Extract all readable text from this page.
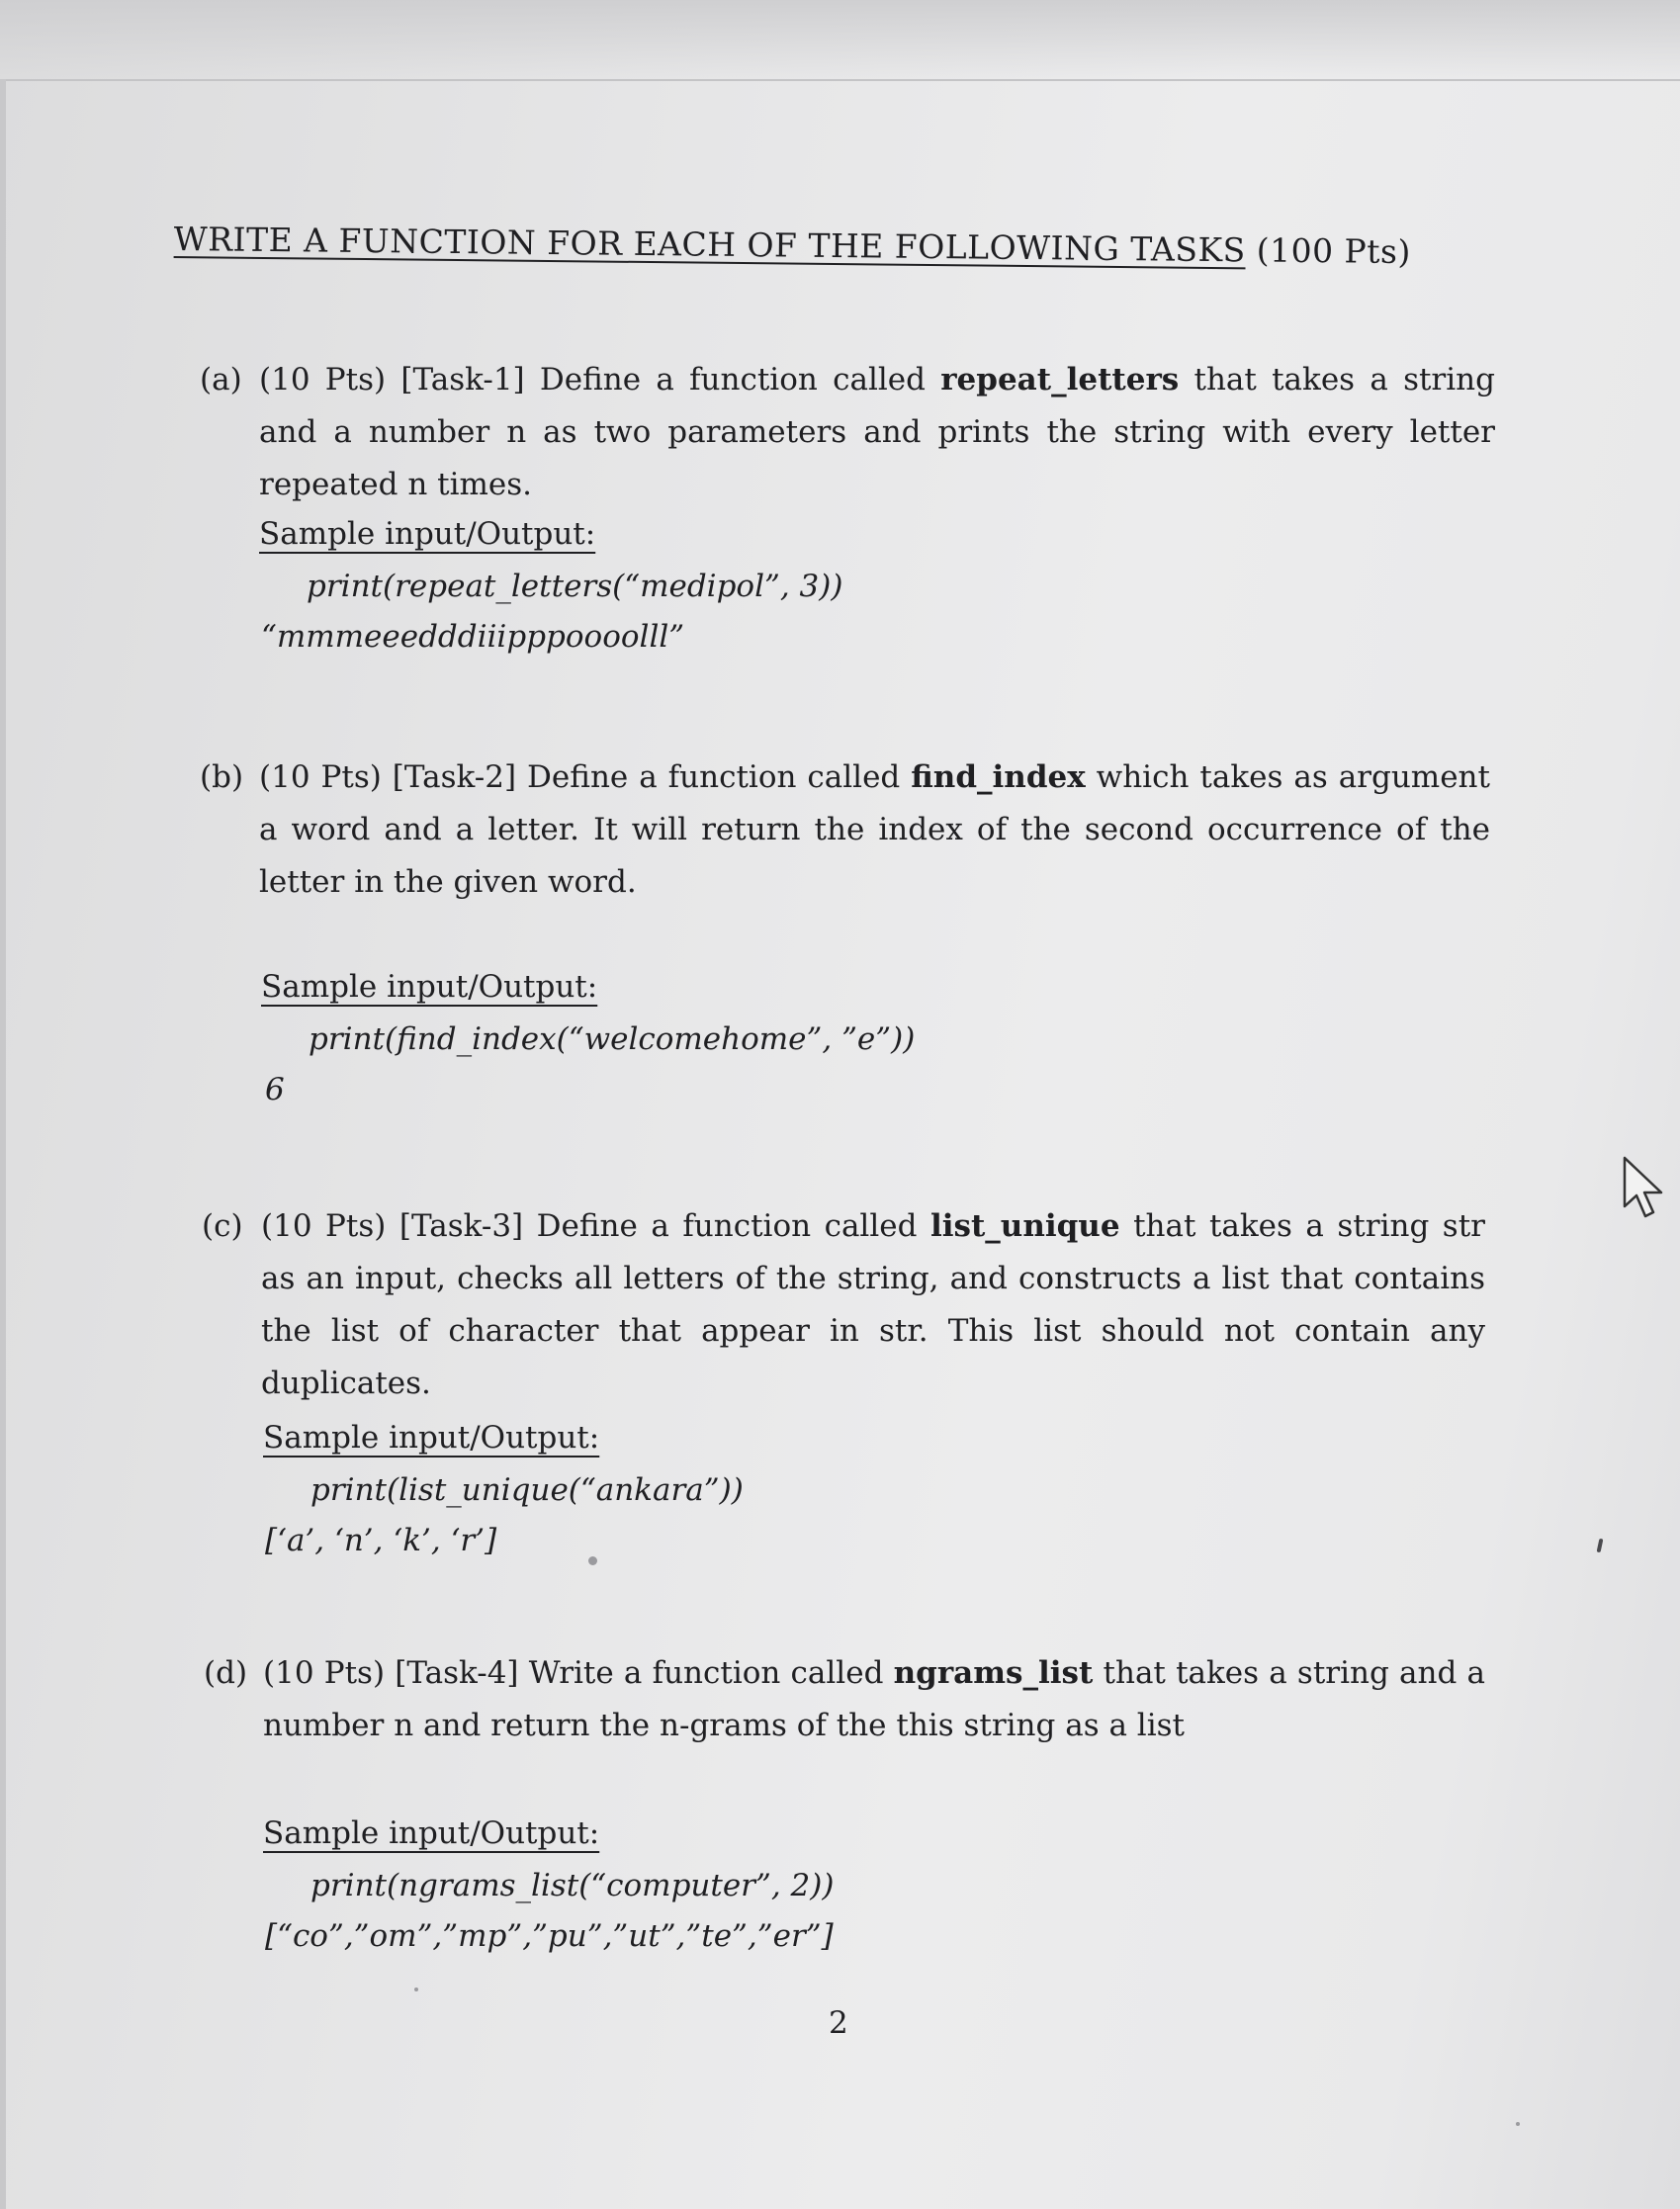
WRITE A FUNCTION FOR EACH OF THE FOLLOWING TASKS (100 Pts)
(a) (10 Pts) [Task-1] Define a function called repeat_letters that takes a string and a number n as two parameters and prints the string with every letter repeated n times.
Sample input/Output:
print(repeat_letters(“medipol”, 3))
“mmmeeedddiiipppoooolll”
(b) (10 Pts) [Task-2] Define a function called find_index which takes as argument a word and a letter. It will return the index of the second occurrence of the letter in the given word.
Sample input/Output:
print(find_index(“welcomehome”, ”e”))
6
(c) (10 Pts) [Task-3] Define a function called list_unique that takes a string str as an input, checks all letters of the string, and constructs a list that contains the list of character that appear in str. This list should not contain any duplicates.
Sample input/Output:
print(list_unique(“ankara”))
[‘a’, ‘n’, ‘k’, ‘r’]
(d) (10 Pts) [Task-4] Write a function called ngrams_list that takes a string and a number n and return the n-grams of the this string as a list
Sample input/Output:
print(ngrams_list(“computer”, 2))
[“co”,”om”,”mp”,”pu”,”ut”,”te”,”er”]
2
